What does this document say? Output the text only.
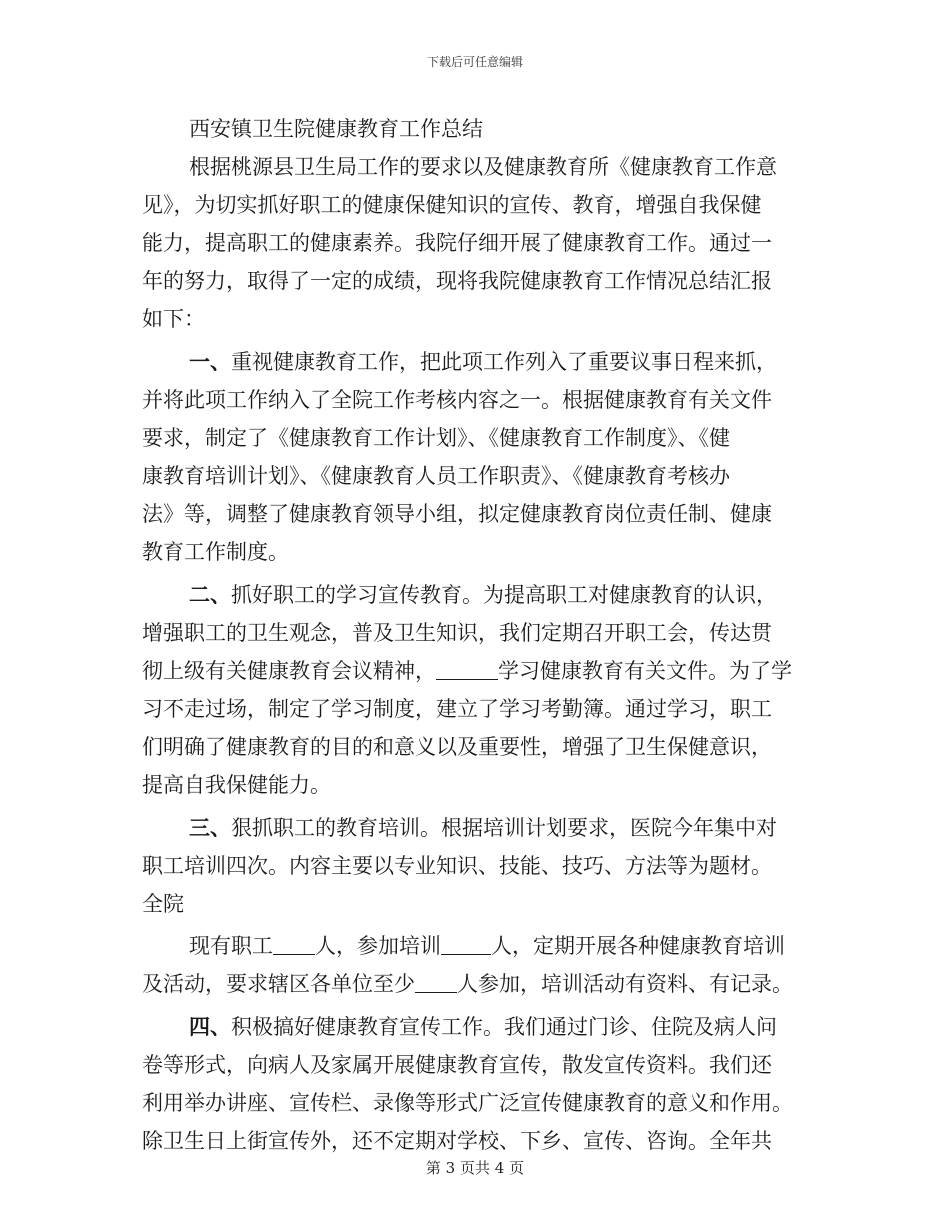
下载后可任意编辑
西安镇卫生院健康教育工作总结
根据桃源县卫生局工作的要求以及健康教育所《健康教育工作意
见》，为切实抓好职工的健康保健知识的宣传、教育，增强自我保健
能力，提高职工的健康素养。我院仔细开展了健康教育工作。通过一
年的努力，取得了一定的成绩，现将我院健康教育工作情况总结汇报
如下：
一、重视健康教育工作，把此项工作列入了重要议事日程来抓，
并将此项工作纳入了全院工作考核内容之一。根据健康教育有关文件
要求，制定了《健康教育工作计划》、《健康教育工作制度》、《健
康教育培训计划》、《健康教育人员工作职责》、《健康教育考核办
法》等，调整了健康教育领导小组，拟定健康教育岗位责任制、健康
教育工作制度。
二、抓好职工的学习宣传教育。为提高职工对健康教育的认识，
增强职工的卫生观念，普及卫生知识，我们定期召开职工会，传达贯
彻上级有关健康教育会议精神，	学习健康教育有关文件。为了学
习不走过场，制定了学习制度，建立了学习考勤簿。通过学习，职工
们明确了健康教育的目的和意义以及重要性，增强了卫生保健意识，
提高自我保健能力。
三、狠抓职工的教育培训。根据培训计划要求，医院今年集中对
职工培训四次。内容主要以专业知识、技能、技巧、方法等为题材。
全院
现有职工 人，参加培训 人，定期开展各种健康教育培训
及活动，要求辖区各单位至少 人参加，培训活动有资料、有记录。
四、积极搞好健康教育宣传工作。我们通过门诊、住院及病人问
卷等形式，向病人及家属开展健康教育宣传，散发宣传资料。我们还
利用举办讲座、宣传栏、录像等形式广泛宣传健康教育的意义和作用。
除卫生日上街宣传外，还不定期对学校、下乡、宣传、咨询。全年共
第 3 页共 4 页
